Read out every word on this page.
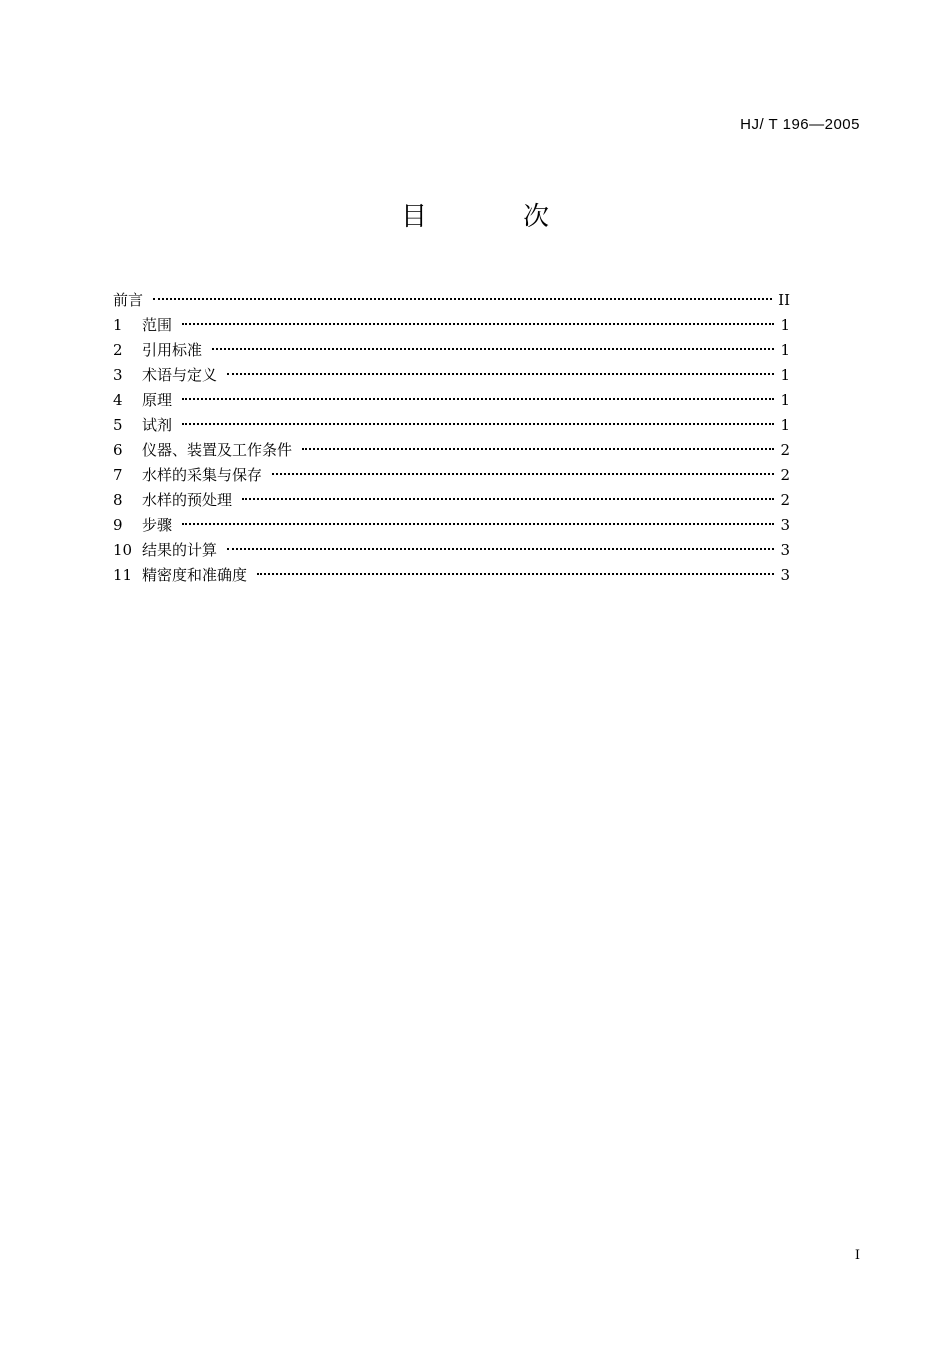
HJ/ T 196—2005
目	次
前言	II
1	范围	1
2	引用标准	1
3	术语与定义	1
4	原理	1
5	试剂	1
6	仪器、装置及工作条件	2
7	水样的采集与保存	2
8	水样的预处理	2
9	步骤	3
10 结果的计算	3
11 精密度和准确度	3
I
